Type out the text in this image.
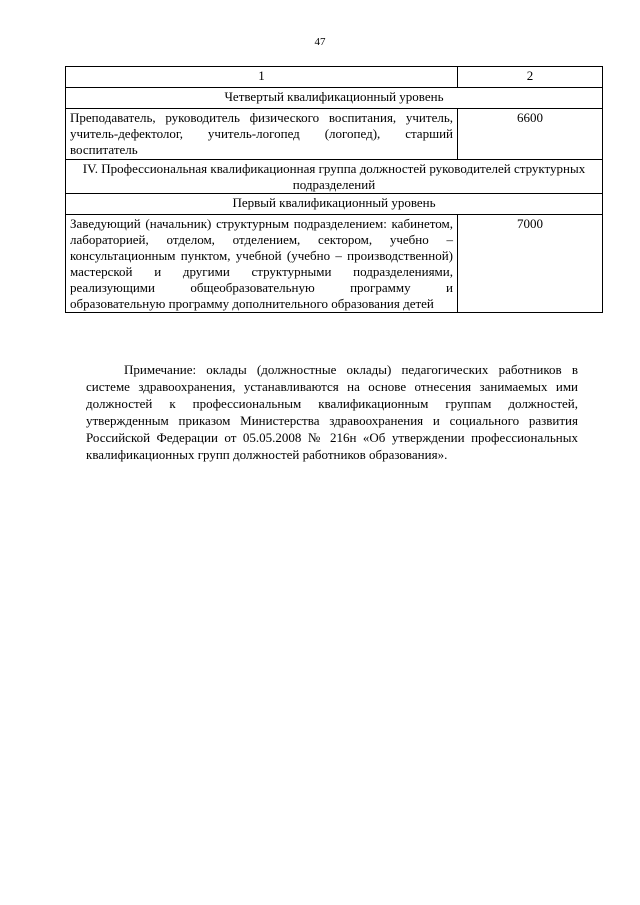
47
1	2
Четвертый квалификационный уровень	
Преподаватель, руководитель физического воспитания, учитель, учитель-дефектолог, учитель-логопед (логопед), старший воспитатель	6600
IV. Профессиональная квалификационная группа должностей руководителей структурных подразделений	
Первый квалификационный уровень	
Заведующий (начальник) структурным подразделением: кабинетом, лабораторией, отделом, отделением, сектором, учебно – консультационным пунктом, учебной (учебно – производственной) мастерской и другими структурными подразделениями, реализующими общеобразовательную программу и образовательную программу дополнительного образования детей	7000

Примечание: оклады (должностные оклады) педагогических работников в системе здравоохранения, устанавливаются на основе отнесения занимаемых ими должностей к профессиональным квалификационным группам должностей, утвержденным приказом Министерства здравоохранения и социального развития Российской Федерации от 05.05.2008 № 216н «Об утверждении профессиональных квалификационных групп должностей работников образования».
